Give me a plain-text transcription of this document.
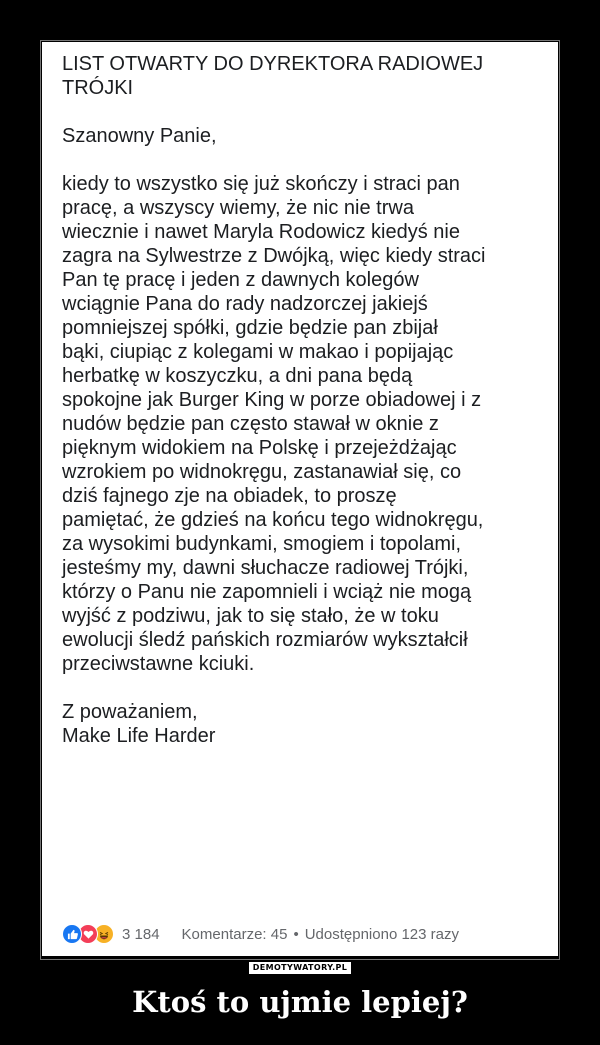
LIST OTWARTY DO DYREKTORA RADIOWEJ
TRÓJKI

Szanowny Panie,

kiedy to wszystko się już skończy i straci pan
pracę, a wszyscy wiemy, że nic nie trwa
wiecznie i nawet Maryla Rodowicz kiedyś nie
zagra na Sylwestrze z Dwójką, więc kiedy straci
Pan tę pracę i jeden z dawnych kolegów
wciągnie Pana do rady nadzorczej jakiejś
pomniejszej spółki, gdzie będzie pan zbijał
bąki, ciupiąc z kolegami w makao i popijając
herbatkę w koszyczku, a dni pana będą
spokojne jak Burger King w porze obiadowej i z
nudów będzie pan często stawał w oknie z
pięknym widokiem na Polskę i przejeżdżając
wzrokiem po widnokręgu, zastanawiał się, co
dziś fajnego zje na obiadek, to proszę
pamiętać, że gdzieś na końcu tego widnokręgu,
za wysokimi budynkami, smogiem i topolami,
jesteśmy my, dawni słuchacze radiowej Trójki,
którzy o Panu nie zapomnieli i wciąż nie mogą
wyjść z podziwu, jak to się stało, że w toku
ewolucji śledź pańskich rozmiarów wykształcił
przeciwstawne kciuki.

Z poważaniem,

Make Life Harder

3 184 Komentarze: 45 • Udostępniono 123 razy
DEMOTYWATORY.PL
Ktoś to ujmie lepiej?
